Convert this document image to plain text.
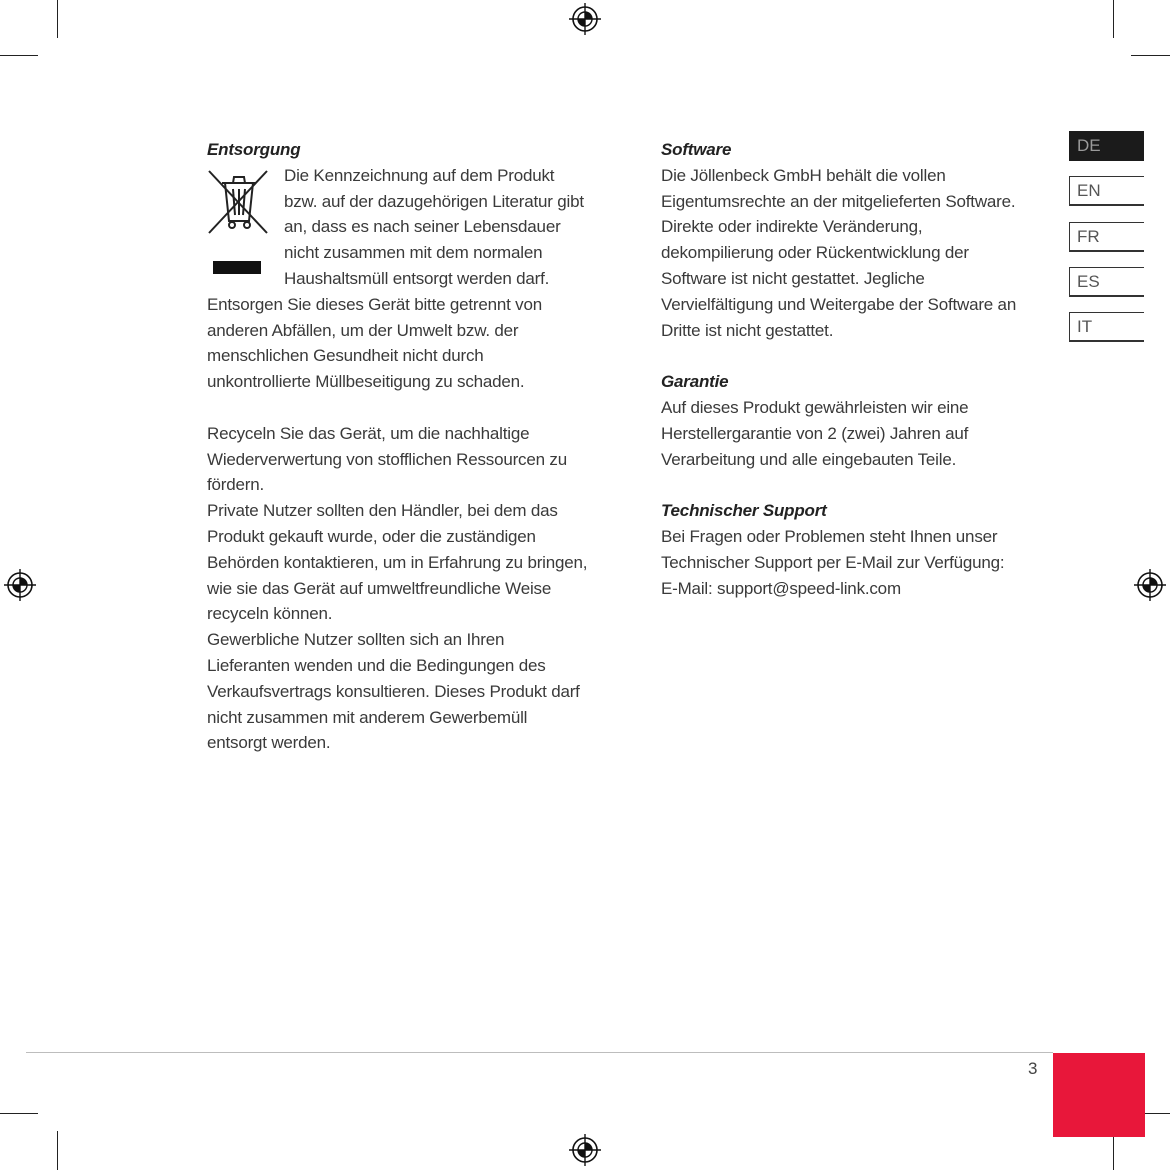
Entsorgung

Die Kennzeichnung auf dem Produkt bzw. auf der dazugehörigen Literatur gibt an, dass es nach seiner Lebensdauer nicht zusammen mit dem normalen Haushaltsmüll entsorgt werden darf. Entsorgen Sie dieses Gerät bitte getrennt von anderen Abfällen, um der Umwelt bzw. der menschlichen Gesundheit nicht durch unkontrollierte Müllbeseitigung zu schaden.

Recyceln Sie das Gerät, um die nachhaltige Wiederverwertung von stofflichen Ressourcen zu fördern.

Private Nutzer sollten den Händler, bei dem das Produkt gekauft wurde, oder die zuständigen Behörden kontaktieren, um in Erfahrung zu bringen, wie sie das Gerät auf umweltfreundliche Weise recyceln können.

Gewerbliche Nutzer sollten sich an Ihren Lieferanten wenden und die Bedingungen des Verkaufsvertrags konsultieren. Dieses Produkt darf nicht zusammen mit anderem Gewerbemüll entsorgt werden.

Software

Die Jöllenbeck GmbH behält die vollen Eigentumsrechte an der mitgelieferten Software. Direkte oder indirekte Veränderung, dekompilierung oder Rückentwicklung der Software ist nicht gestattet. Jegliche Vervielfältigung und Weitergabe der Software an Dritte ist nicht gestattet.

Garantie

Auf dieses Produkt gewährleisten wir eine Herstellergarantie von 2 (zwei) Jahren auf Verarbeitung und alle eingebauten Teile.

Technischer Support

Bei Fragen oder Problemen steht Ihnen unser Technischer Support per E-Mail zur Verfügung:

E-Mail: support@speed-link.com

DE
EN
FR
ES
IT
3
